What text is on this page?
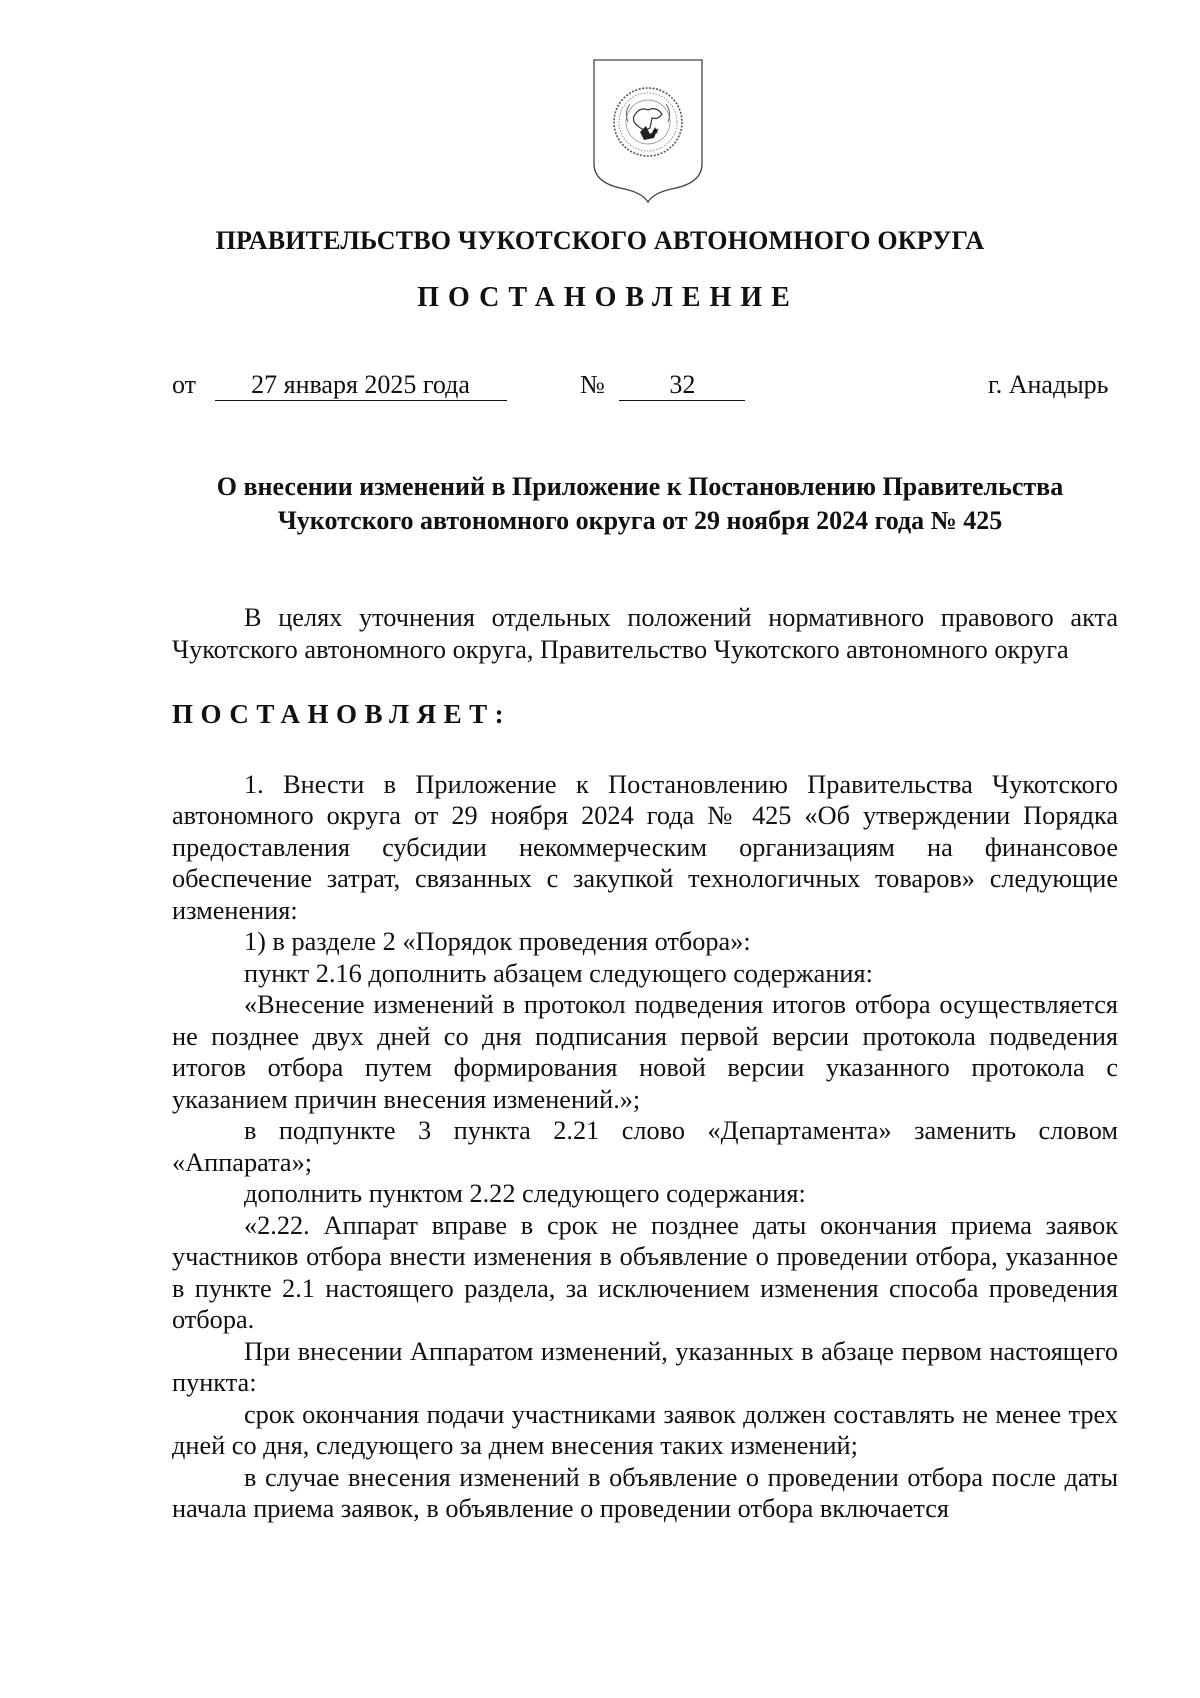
ПРАВИТЕЛЬСТВО ЧУКОТСКОГО АВТОНОМНОГО ОКРУГА
ПОСТАНОВЛЕНИЕ
от 27 января 2025 года	№ 32	г. Анадырь
О внесении изменений в Приложение к Постановлению Правительства
Чукотского автономного округа от 29 ноября 2024 года № 425

В целях уточнения отдельных положений нормативного правового акта Чукотского автономного округа, Правительство Чукотского автономного округа

ПОСТАНОВЛЯЕТ:

1. Внести в Приложение к Постановлению Правительства Чукотского автономного округа от 29 ноября 2024 года № 425 «Об утверждении Порядка предоставления субсидии некоммерческим организациям на финансовое обеспечение затрат, связанных с закупкой технологичных товаров» следующие изменения:

1) в разделе 2 «Порядок проведения отбора»:

пункт 2.16 дополнить абзацем следующего содержания:

«Внесение изменений в протокол подведения итогов отбора осуществляется не позднее двух дней со дня подписания первой версии протокола подведения итогов отбора путем формирования новой версии указанного протокола с указанием причин внесения изменений.»;

в подпункте 3 пункта 2.21 слово «Департамента» заменить словом «Аппарата»;

дополнить пунктом 2.22 следующего содержания:

«2.22. Аппарат вправе в срок не позднее даты окончания приема заявок участников отбора внести изменения в объявление о проведении отбора, указанное в пункте 2.1 настоящего раздела, за исключением изменения способа проведения отбора.

При внесении Аппаратом изменений, указанных в абзаце первом настоящего пункта:

срок окончания подачи участниками заявок должен составлять не менее трех дней со дня, следующего за днем внесения таких изменений;

в случае внесения изменений в объявление о проведении отбора после даты начала приема заявок, в объявление о проведении отбора включается
